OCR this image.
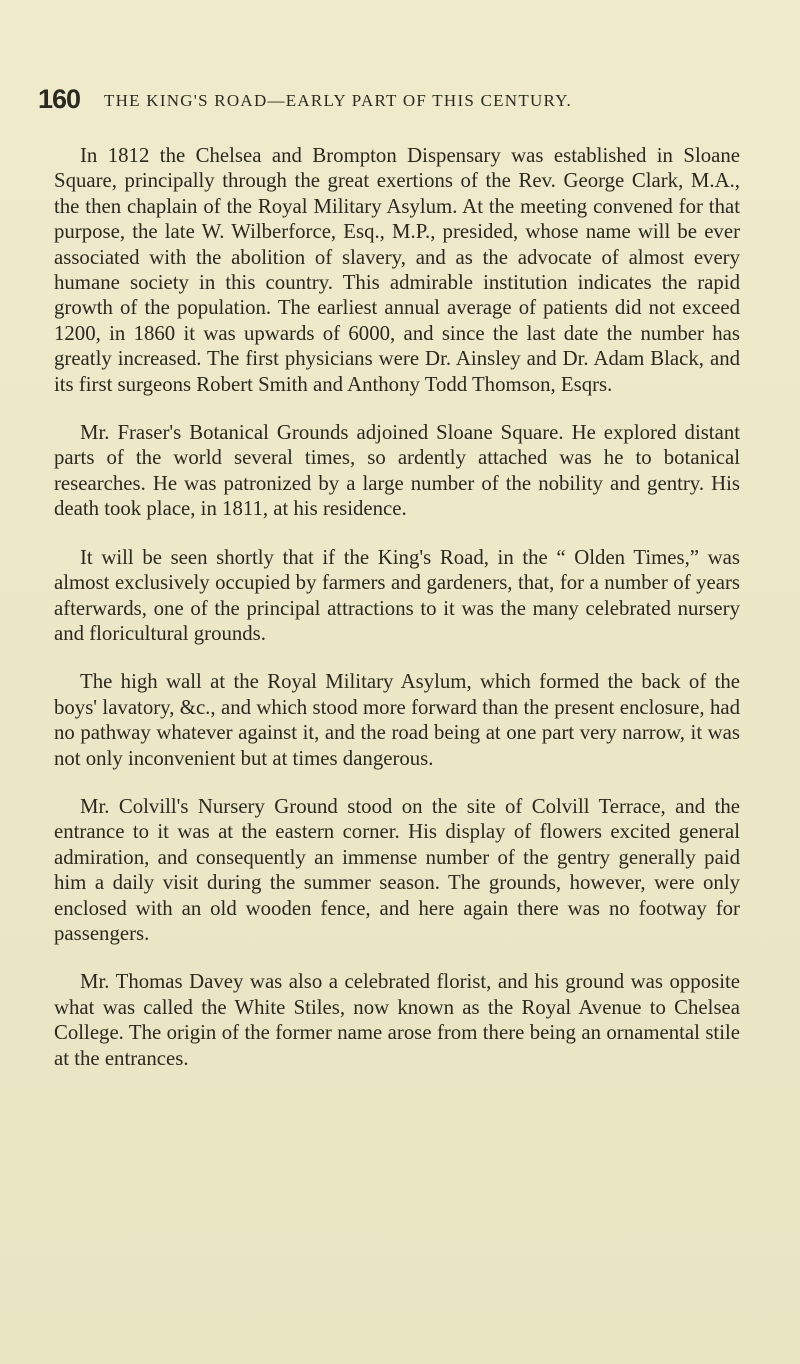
160 THE KING'S ROAD—EARLY PART OF THIS CENTURY.

In 1812 the Chelsea and Brompton Dispensary was established in Sloane Square, principally through the great exertions of the Rev. George Clark, M.A., the then chaplain of the Royal Military Asylum. At the meeting convened for that purpose, the late W. Wilberforce, Esq., M.P., presided, whose name will be ever associated with the abolition of slavery, and as the advocate of almost every humane society in this country. This admirable institution indicates the rapid growth of the population. The earliest annual average of patients did not exceed 1200, in 1860 it was upwards of 6000, and since the last date the number has greatly increased. The first physicians were Dr. Ainsley and Dr. Adam Black, and its first surgeons Robert Smith and Anthony Todd Thomson, Esqrs.

Mr. Fraser's Botanical Grounds adjoined Sloane Square. He explored distant parts of the world several times, so ardently attached was he to botanical researches. He was patronized by a large number of the nobility and gentry. His death took place, in 1811, at his residence.

It will be seen shortly that if the King's Road, in the “ Olden Times,” was almost exclusively occupied by farmers and gardeners, that, for a number of years afterwards, one of the principal attractions to it was the many celebrated nursery and floricultural grounds.

The high wall at the Royal Military Asylum, which formed the back of the boys' lavatory, &c., and which stood more forward than the present enclosure, had no pathway whatever against it, and the road being at one part very narrow, it was not only inconvenient but at times dangerous.

Mr. Colvill's Nursery Ground stood on the site of Colvill Terrace, and the entrance to it was at the eastern corner. His display of flowers excited general admiration, and consequently an immense number of the gentry generally paid him a daily visit during the summer season. The grounds, however, were only enclosed with an old wooden fence, and here again there was no footway for passengers.

Mr. Thomas Davey was also a celebrated florist, and his ground was opposite what was called the White Stiles, now known as the Royal Avenue to Chelsea College. The origin of the former name arose from there being an ornamental stile at the entrances.
